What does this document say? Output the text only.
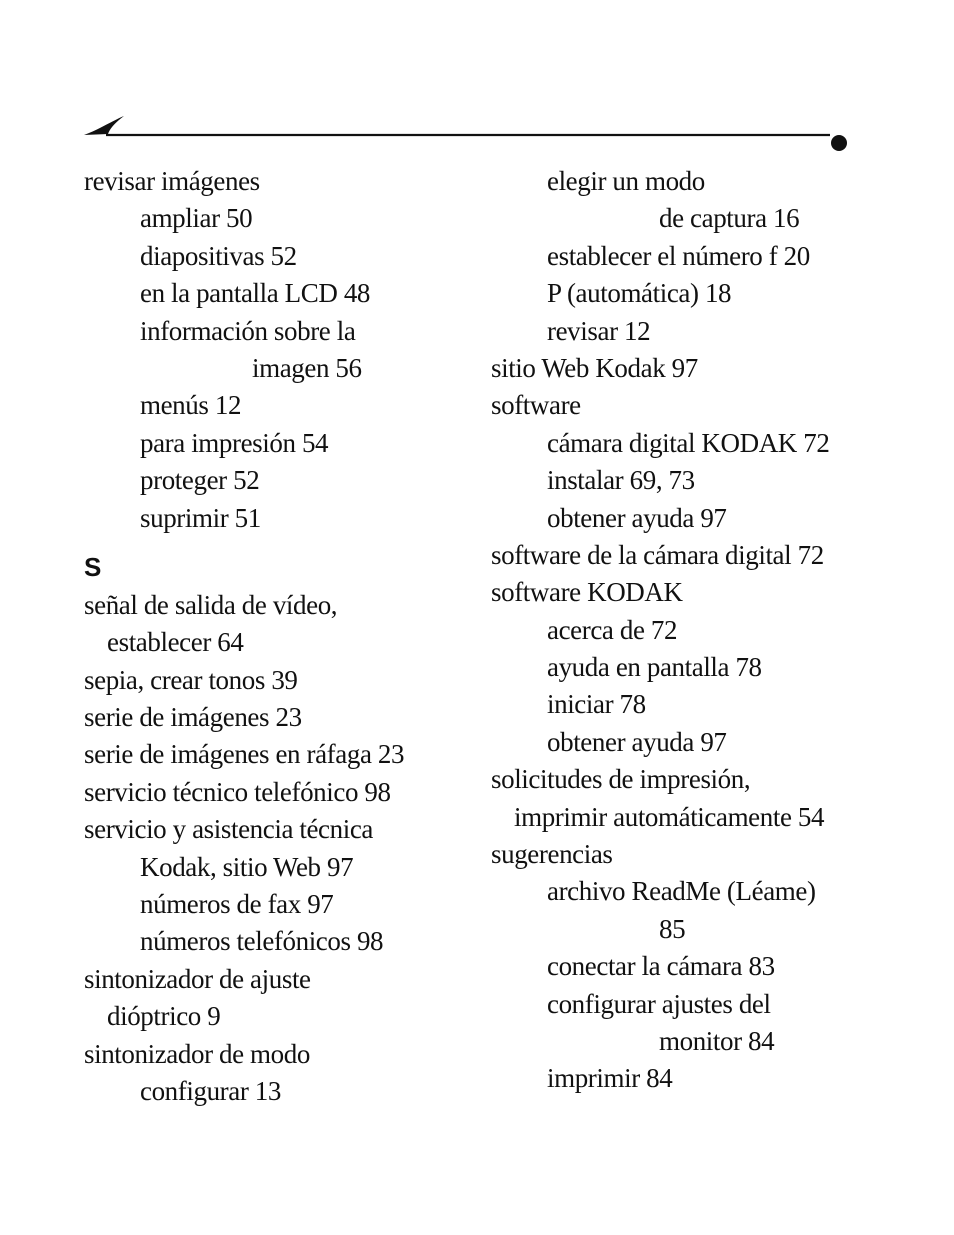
revisar imágenes
ampliar 50
diapositivas 52
en la pantalla LCD 48
información sobre la
imagen 56
menús 12
para impresión 54
proteger 52
suprimir 51
S
señal de salida de vídeo,
establecer 64
sepia, crear tonos 39
serie de imágenes 23
serie de imágenes en ráfaga 23
servicio técnico telefónico 98
servicio y asistencia técnica
Kodak, sitio Web 97
números de fax 97
números telefónicos 98
sintonizador de ajuste
dióptrico 9
sintonizador de modo
configurar 13
elegir un modo
de captura 16
establecer el número f 20
P (automática) 18
revisar 12
sitio Web Kodak 97
software
cámara digital KODAK 72
instalar 69, 73
obtener ayuda 97
software de la cámara digital 72
software KODAK
acerca de 72
ayuda en pantalla 78
iniciar 78
obtener ayuda 97
solicitudes de impresión,
imprimir automáticamente 54
sugerencias
archivo ReadMe (Léame)
85
conectar la cámara 83
configurar ajustes del
monitor 84
imprimir 84
